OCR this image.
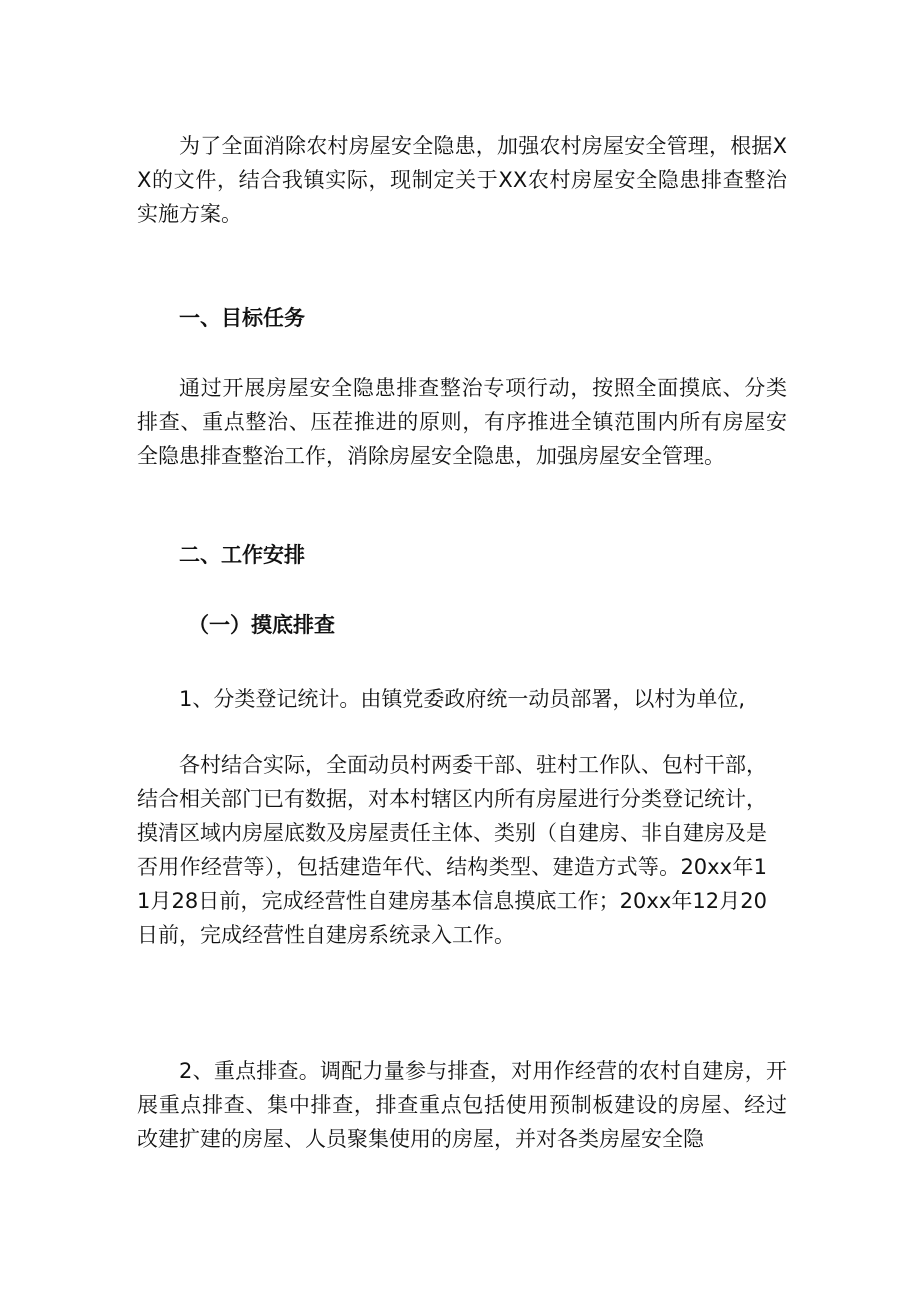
为了全面消除农村房屋安全隐患，加强农村房屋安全管理，根据XX的文件，结合我镇实际，现制定关于XX农村房屋安全隐患排查整治实施方案。

一、目标任务

通过开展房屋安全隐患排查整治专项行动，按照全面摸底、分类排查、重点整治、压茬推进的原则，有序推进全镇范围内所有房屋安全隐患排查整治工作，消除房屋安全隐患，加强房屋安全管理。

二、工作安排
（一）摸底排查

1、分类登记统计。由镇党委政府统一动员部署，以村为单位,

各村结合实际，全面动员村两委干部、驻村工作队、包村干部，结合相关部门已有数据，对本村辖区内所有房屋进行分类登记统计，摸清区域内房屋底数及房屋责任主体、类别（自建房、非自建房及是否用作经营等），包括建造年代、结构类型、建造方式等。20xx年11月28日前，完成经营性自建房基本信息摸底工作；20xx年12月20日前，完成经营性自建房系统录入工作。

2、重点排查。调配力量参与排查，对用作经营的农村自建房，开展重点排查、集中排查，排查重点包括使用预制板建设的房屋、经过改建扩建的房屋、人员聚集使用的房屋，并对各类房屋安全隐
